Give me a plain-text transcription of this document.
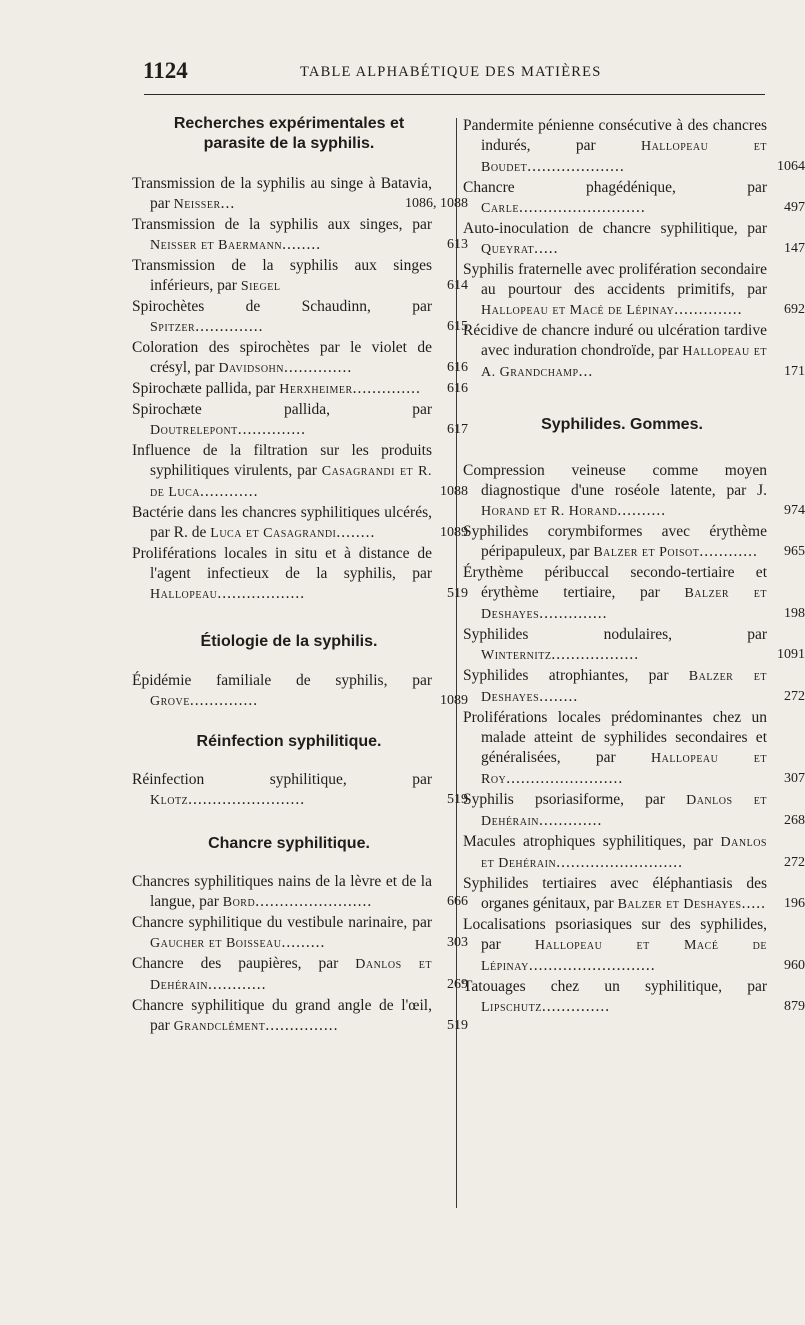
1124	TABLE ALPHABÉTIQUE DES MATIÈRES
Recherches expérimentales et parasite de la syphilis.
Transmission de la syphilis au singe à Batavia, par Neisser...	1086, 1088
Transmission de la syphilis aux singes, par Neisser et Baermann........	613
Transmission de la syphilis aux singes inférieurs, par Siegel	614
Spirochètes de Schaudinn, par Spitzer..............	615
Coloration des spirochètes par le violet de crésyl, par Davidsohn..............	616
Spirochæte pallida, par Herxheimer.............. 616
Spirochæte pallida, par Doutrelepont..............	617
Influence de la filtration sur les produits syphilitiques virulents, par Casagrandi et R. de Luca............	1088
Bactérie dans les chancres syphilitiques ulcérés, par R. de Luca et Casagrandi........	1089
Proliférations locales in situ et à distance de l'agent infectieux de la syphilis, par Hallopeau..................	519
Étiologie de la syphilis.
Épidémie familiale de syphilis, par Grove..............	1089
Réinfection syphilitique.
Réinfection syphilitique, par Klotz........................	519
Chancre syphilitique.
Chancres syphilitiques nains de la lèvre et de la langue, par Bord........................	666
Chancre syphilitique du vestibule narinaire, par Gaucher et Boisseau.........	303
Chancre des paupières, par Danlos et Dehérain............	269
Chancre syphilitique du grand angle de l'œil, par Grandclément...............	519
Pandermite pénienne consécutive à des chancres indurés, par Hallopeau et Boudet....................	1064
Chancre phagédénique, par Carle..........................	497
Auto-inoculation de chancre syphilitique, par Queyrat.....	147
Syphilis fraternelle avec prolifération secondaire au pourtour des accidents primitifs, par Hallopeau et Macé de Lépinay..............	692
Récidive de chancre induré ou ulcération tardive avec induration chondroïde, par Hallopeau et A. Grandchamp...	171
Syphilides. Gommes.
Compression veineuse comme moyen diagnostique d'une roséole latente, par J. Horand et R. Horand..........	974
Syphilides corymbiformes avec érythème péripapuleux, par Balzer et Poisot............ 965
Érythème péribuccal secondo-tertiaire et érythème tertiaire, par Balzer et Deshayes..............	198
Syphilides nodulaires, par Winternitz..................	1091
Syphilides atrophiantes, par Balzer et Deshayes........	272
Proliférations locales prédominantes chez un malade atteint de syphilides secondaires et généralisées, par Hallopeau et Roy........................	307
Syphilis psoriasiforme, par Danlos et Dehérain.............	268
Macules atrophiques syphilitiques, par Danlos et Dehérain..........................	272
Syphilides tertiaires avec éléphantiasis des organes génitaux, par Balzer et Deshayes..... 196
Localisations psoriasiques sur des syphilides, par Hallopeau et Macé de Lépinay..........................	960
Tatouages chez un syphilitique, par Lipschutz..............	879
